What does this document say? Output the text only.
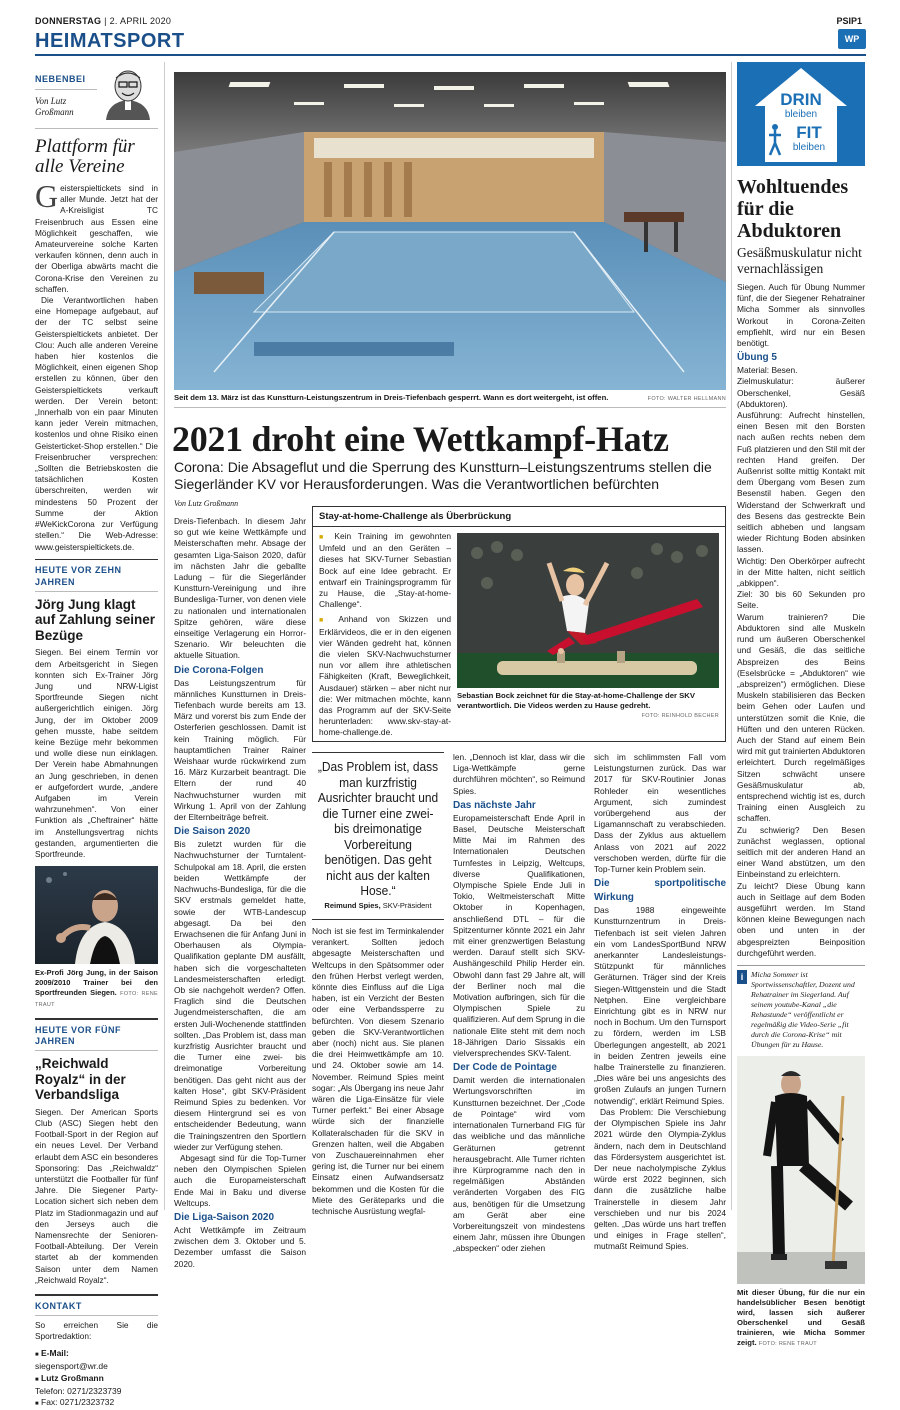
DONNERSTAG | 2. APRIL 2020	PSIP1
HEIMATSPORT	WP
NEBENBEI
Von Lutz Großmann
Plattform für alle Vereine
G eisterspieltickets sind in aller Munde. Jetzt hat der A-Kreisligist TC Freisenbruch aus Essen eine Möglichkeit geschaffen, wie Amateurvereine solche Karten verkaufen können, denn auch in der Oberliga abwärts macht die Corona-Krise den Vereinen zu schaffen.
Die Verantwortlichen haben eine Homepage aufgebaut, auf der der TC selbst seine Geisterspieltickets anbietet. Der Clou: Auch alle anderen Vereine haben hier kostenlos die Möglichkeit, einen eigenen Shop erstellen zu können, über den Geisterspieltickets verkauft werden. Der Verein betont: „Innerhalb von ein paar Minuten kann jeder Verein mitmachen, kostenlos und ohne Risiko einen Geisterticket-Shop erstellen.“ Die Freisenbrucher versprechen: „Sollten die Betriebskosten die tatsächlichen Kosten überschreiten, werden wir mindestens 50 Prozent der Summe der Aktion #WeKickCorona zur Verfügung stellen.“ Die Web-Adresse: www.geisterspieltickets.de.
HEUTE VOR ZEHN JAHREN
Jörg Jung klagt auf Zahlung seiner Bezüge
Siegen. Bei einem Termin vor dem Arbeitsgericht in Siegen konnten sich Ex-Trainer Jörg Jung und NRW-Ligist Sportfreunde Siegen nicht außergerichtlich einigen. Jörg Jung, der im Oktober 2009 gehen musste, habe seitdem keine Bezüge mehr bekommen und wolle diese nun einklagen. Der Verein habe Abmahnungen an Jung geschrieben, in denen er aufgefordert wurde, „andere Aufgaben im Verein wahrzunehmen“. Von einer Funktion als „Cheftrainer“ hätte im Anstellungsvertrag nichts gestanden, argumentierten die Sportfreunde.
Ex-Profi Jörg Jung, in der Saison 2009/2010 Trainer bei den Sportfreunden Siegen. FOTO: RENE TRAUT
HEUTE VOR FÜNF JAHREN
„Reichwald Royalz“ in der Verbandsliga
Siegen. Der American Sports Club (ASC) Siegen hebt den Football-Sport in der Region auf ein neues Level. Der Verband erlaubt dem ASC ein besonderes Sponsoring: Das „Reichwaldz“ unterstützt die Footballer für fünf Jahre. Die Siegener Party-Location sichert sich neben dem Platz im Stadionmagazin und auf den Jerseys auch die Namensrechte der Senioren-Football-Abteilung. Der Verein startet ab der kommenden Saison unter dem Namen „Reichwald Royalz“.
KONTAKT
So erreichen Sie die Sportredaktion:
■ E-Mail:
siegensport@wr.de
■ Lutz Großmann
Telefon: 0271/2323739
■ Fax: 0271/2323732
Seit dem 13. März ist das Kunstturn-Leistungszentrum in Dreis-Tiefenbach gesperrt. Wann es dort weitergeht, ist offen.	FOTO: WALTER HELLMANN
2021 droht eine Wettkampf-Hatz
Corona: Die Absageflut und die Sperrung des Kunstturn–Leistungszentrums stellen die Siegerländer KV vor Herausforderungen. Was die Verantwortlichen befürchten
Von Lutz Großmann
Dreis-Tiefenbach. In diesem Jahr so gut wie keine Wettkämpfe und Meisterschaften mehr. Absage der gesamten Liga-Saison 2020, dafür im nächsten Jahr die geballte Ladung – für die Siegerländer Kunstturn-Vereinigung und ihre Bundesliga-Turner, von denen viele zu nationalen und internationalen Spitze gehören, wäre diese einseitige Verlagerung ein Horror-Szenario. Wir beleuchten die aktuelle Situation.
Die Corona-Folgen
Das Leistungszentrum für männliches Kunstturnen in Dreis-Tiefenbach wurde bereits am 13. März und vorerst bis zum Ende der Osterferien geschlossen. Damit ist kein Training möglich. Für hauptamtlichen Trainer Rainer Weishaar wurde rückwirkend zum 16. März Kurzarbeit beantragt. Die Eltern der rund 40 Nachwuchsturner wurden mit Wirkung 1. April von der Zahlung der Elternbeiträge befreit.
Die Saison 2020
Bis zuletzt wurden für die Nachwuchsturner der Turntalent-Schulpokal am 18. April, die ersten beiden Wettkämpfe der Nachwuchs-Bundesliga, für die die SKV erstmals gemeldet hatte, sowie der WTB-Landescup abgesagt. Da bei den Erwachsenen die für Anfang Juni in Oberhausen als Olympia-Qualifikation geplante DM ausfällt, haben sich die vorgeschalteten Landesmeisterschaften erledigt. Ob sie nachgeholt werden? Offen. Fraglich sind die Deutschen Jugendmeisterschaften, die am ersten Juli-Wochenende stattfinden sollten. „Das Problem ist, dass man kurzfristig Ausrichter braucht und die Turner eine zwei- bis dreimonatige Vorbereitung benötigen. Das geht nicht aus der kalten Hose“, gibt SKV-Präsident Reimund Spies zu bedenken. Vor diesem Hintergrund sei es von entscheidender Bedeutung, wann die Trainingszentren den Sportlern wieder zur Verfügung stehen.
Abgesagt sind für die Top-Turner neben den Olympischen Spielen auch die Europameisterschaft Ende Mai in Baku und diverse Weltcups.
Die Liga-Saison 2020
Acht Wettkämpfe im Zeitraum zwischen dem 3. Oktober und 5. Dezember umfasst die Saison 2020.
Stay-at-home-Challenge als Überbrückung
■ Kein Training im gewohnten Umfeld und an den Geräten – dieses hat SKV-Turner Sebastian Bock auf eine Idee gebracht. Er entwarf ein Trainingsprogramm für zu Hause, die „Stay-at-home-Challenge“.
■ Anhand von Skizzen und Erklärvideos, die er in den eigenen vier Wänden gedreht hat, können die vielen SKV-Nachwuchsturner nun vor allem ihre athletischen Fähigkeiten (Kraft, Beweglichkeit, Ausdauer) stärken – aber nicht nur die: Wer mitmachen möchte, kann das Programm auf der SKV-Seite herunterladen: www.skv-stay-at-home-challenge.de.
Sebastian Bock zeichnet für die Stay-at-home-Challenge der SKV verantwortlich. Die Videos werden zu Hause gedreht.
FOTO: REINHOLD BECHER
„Das Problem ist, dass man kurzfristig Ausrichter braucht und die Turner eine zwei- bis dreimonatige Vorbereitung benötigen. Das geht nicht aus der kalten Hose.“
Reimund Spies, SKV-Präsident
Noch ist sie fest im Terminkalender verankert. Sollten jedoch abgesagte Meisterschaften und Weltcups in den Spätsommer oder den frühen Herbst verlegt werden, könnte dies Einfluss auf die Liga haben, ist ein Verzicht der Besten oder eine Verbandssperre zu befürchten. Von diesem Szenario geben die SKV-Verantwortlichen aber (noch) nicht aus. Sie planen die drei Heimwettkämpfe am 10. und 24. Oktober sowie am 14. November. Reimund Spies meint sogar: „Als Übergang ins neue Jahr wären die Liga-Einsätze für viele Turner perfekt.“ Bei einer Absage würde sich der finanzielle Kollateralschaden für die SKV in Grenzen halten, weil die Abgaben von Zuschauereinnahmen eher gering ist, die Turner nur bei einem Einsatz einen Aufwandsersatz bekommen und die Kosten für die Miete des Geräteparks und die technische Ausrüstung wegfal-
len. „Dennoch ist klar, dass wir die Liga-Wettkämpfe gerne durchführen möchten“, so Reimund Spies.
Das nächste Jahr
Europameisterschaft Ende April in Basel, Deutsche Meisterschaft Mitte Mai im Rahmen des Internationalen Deutschen Turnfestes in Leipzig, Weltcups, diverse Qualifikationen, Olympische Spiele Ende Juli in Tokio, Weltmeisterschaft Mitte Oktober in Kopenhagen, anschließend DTL – für die Spitzenturner könnte 2021 ein Jahr mit einer grenzwertigen Belastung werden. Darauf stellt sich SKV-Aushängeschild Philip Herder ein. Obwohl dann fast 29 Jahre alt, will der Berliner noch mal die Motivation aufbringen, sich für die Olympischen Spiele zu qualifizieren. Auf dem Sprung in die nationale Elite steht mit dem noch 18-Jährigen Dario Sissakis ein vielversprechendes SKV-Talent.
Der Code de Pointage
Damit werden die internationalen Wertungsvorschriften im Kunstturnen bezeichnet. Der „Code de Pointage“ wird vom internationalen Turnerband FIG für das weibliche und das männliche Geräturnen getrennt herausgebracht. Alle Turner richten ihre Kürprogramme nach den in regelmäßigen Abständen veränderten Vorgaben des FIG aus, benötigen für die Umsetzung am Gerät aber eine Vorbereitungszeit von mindestens einem Jahr, müssen ihre Übungen „abspecken“ oder ziehen
sich im schlimmsten Fall vom Leistungsturnen zurück. Das war 2017 für SKV-Routinier Jonas Rohleder ein wesentliches Argument, sich zumindest vorübergehend aus der Ligamannschaft zu verabschieden. Dass der Zyklus aus aktuellem Anlass von 2021 auf 2022 verschoben werden, dürfte für die Top-Turner kein Problem sein.
Die sportpolitische Wirkung
Das 1988 eingeweihte Kunstturnzentrum in Dreis-Tiefenbach ist seit vielen Jahren ein vom LandesSportBund NRW anerkannter Landesleistungs-Stützpunkt für männliches Geräturnen. Träger sind der Kreis Siegen-Wittgenstein und die Stadt Netphen. Eine vergleichbare Einrichtung gibt es in NRW nur noch in Bochum. Um den Turnsport zu fördern, werden im LSB Überlegungen angestellt, ab 2021 in beiden Zentren jeweils eine halbe Trainerstelle zu finanzieren. „Dies wäre bei uns angesichts des großen Zulaufs an jungen Turnern notwendig“, erklärt Reimund Spies.
Das Problem: Die Verschiebung der Olympischen Spiele ins Jahr 2021 würde den Olympia-Zyklus ändern, nach dem in Deutschland das Fördersystem ausgerichtet ist. Der neue nacholympische Zyklus würde erst 2022 beginnen, sich dann die zusätzliche halbe Trainerstelle in diesem Jahr verschieben und nur bis 2024 gelten. „Das würde uns hart treffen und einiges in Frage stellen“, mutmaßt Reimund Spies.
DRIN
bleiben
FIT
bleiben
Wohltuendes für die Abduktoren
Gesäßmuskulatur nicht vernachlässigen
Siegen. Auch für Übung Nummer fünf, die der Siegener Rehatrainer Micha Sommer als sinnvolles Workout in Corona-Zeiten empfiehlt, wird nur ein Besen benötigt.
Übung 5
Material: Besen.
Zielmuskulatur: äußerer Oberschenkel, Gesäß (Abduktoren).
Ausführung: Aufrecht hinstellen, einen Besen mit den Borsten nach außen rechts neben dem Fuß platzieren und den Stil mit der rechten Hand greifen. Der Außenrist sollte mittig Kontakt mit dem Übergang vom Besen zum Besenstil haben. Gegen den Widerstand der Schwerkraft und des Besens das gestreckte Bein seitlich abheben und langsam wieder Richtung Boden absinken lassen.
Wichtig: Den Oberkörper aufrecht in der Mitte halten, nicht seitlich „abkippen“.
Ziel: 30 bis 60 Sekunden pro Seite.
Warum trainieren? Die Abduktoren sind alle Muskeln rund um äußeren Oberschenkel und Gesäß, die das seitliche Abspreizen des Beins (Eselsbrücke = „Abduktoren“ wie „abspreizen“) ermöglichen. Diese Muskeln stabilisieren das Becken beim Gehen oder Laufen und unterstützen somit die Knie, die Hüften und den unteren Rücken. Auch der Stand auf einem Bein wird mit gut trainierten Abduktoren erleichtert. Durch regelmäßiges Sitzen schwächt unsere Gesäßmuskulatur ab, entsprechend wichtig ist es, durch Training einen Ausgleich zu schaffen.
Zu schwierig? Den Besen zunächst weglassen, optional seitlich mit der anderen Hand an einer Wand abstützen, um den Einbeinstand zu erleichtern.
Zu leicht? Diese Übung kann auch in Seitlage auf dem Boden ausgeführt werden. Im Stand können kleine Bewegungen nach oben und unten in der abgespreizten Beinposition durchgeführt werden.
i Micha Sommer ist Sportwissenschaftler, Dozent und Rehatrainer im Siegerland. Auf seinem youtube-Kanal „die Rehastunde“ veröffentlicht er regelmäßig die Video-Serie „fit durch die Corona-Krise“ mit Übungen für zu Hause.
Mit dieser Übung, für die nur ein handelsüblicher Besen benötigt wird, lassen sich äußerer Oberschenkel und Gesäß trainieren, wie Micha Sommer zeigt. FOTO: RENE TRAUT
